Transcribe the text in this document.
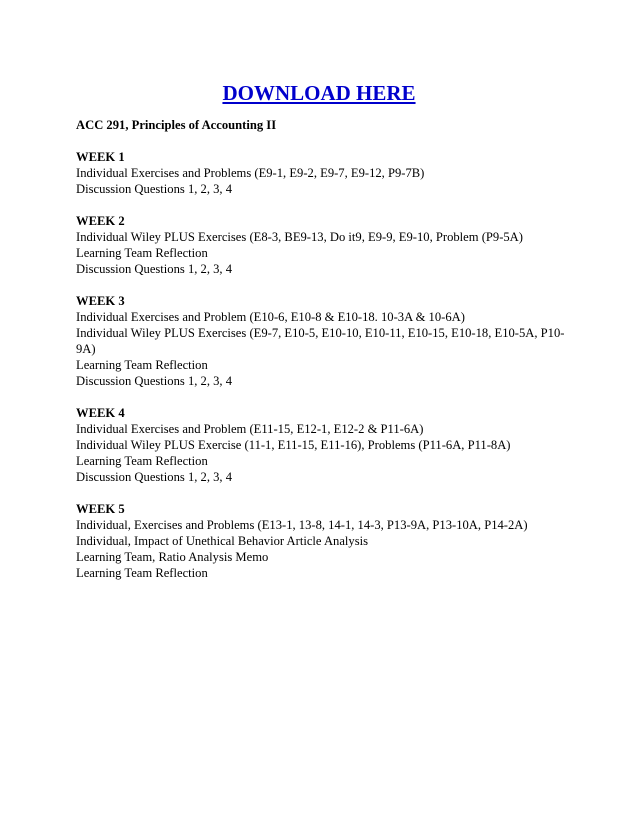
DOWNLOAD HERE
ACC 291, Principles of Accounting II
WEEK 1
Individual Exercises and Problems (E9-1, E9-2, E9-7, E9-12, P9-7B)
Discussion Questions 1, 2, 3, 4
WEEK 2
Individual Wiley PLUS Exercises (E8-3, BE9-13, Do it9, E9-9, E9-10, Problem (P9-5A)
Learning Team Reflection
Discussion Questions 1, 2, 3, 4
WEEK 3
Individual Exercises and Problem (E10-6, E10-8 & E10-18. 10-3A & 10-6A)
Individual Wiley PLUS Exercises (E9-7, E10-5, E10-10, E10-11, E10-15, E10-18, E10-5A, P10-9A)
Learning Team Reflection
Discussion Questions 1, 2, 3, 4
WEEK 4
Individual Exercises and Problem (E11-15, E12-1, E12-2 & P11-6A)
Individual Wiley PLUS Exercise (11-1, E11-15, E11-16), Problems (P11-6A, P11-8A)
Learning Team Reflection
Discussion Questions 1, 2, 3, 4
WEEK 5
Individual, Exercises and Problems (E13-1, 13-8, 14-1, 14-3, P13-9A, P13-10A, P14-2A)
Individual, Impact of Unethical Behavior Article Analysis
Learning Team, Ratio Analysis Memo
Learning Team Reflection
